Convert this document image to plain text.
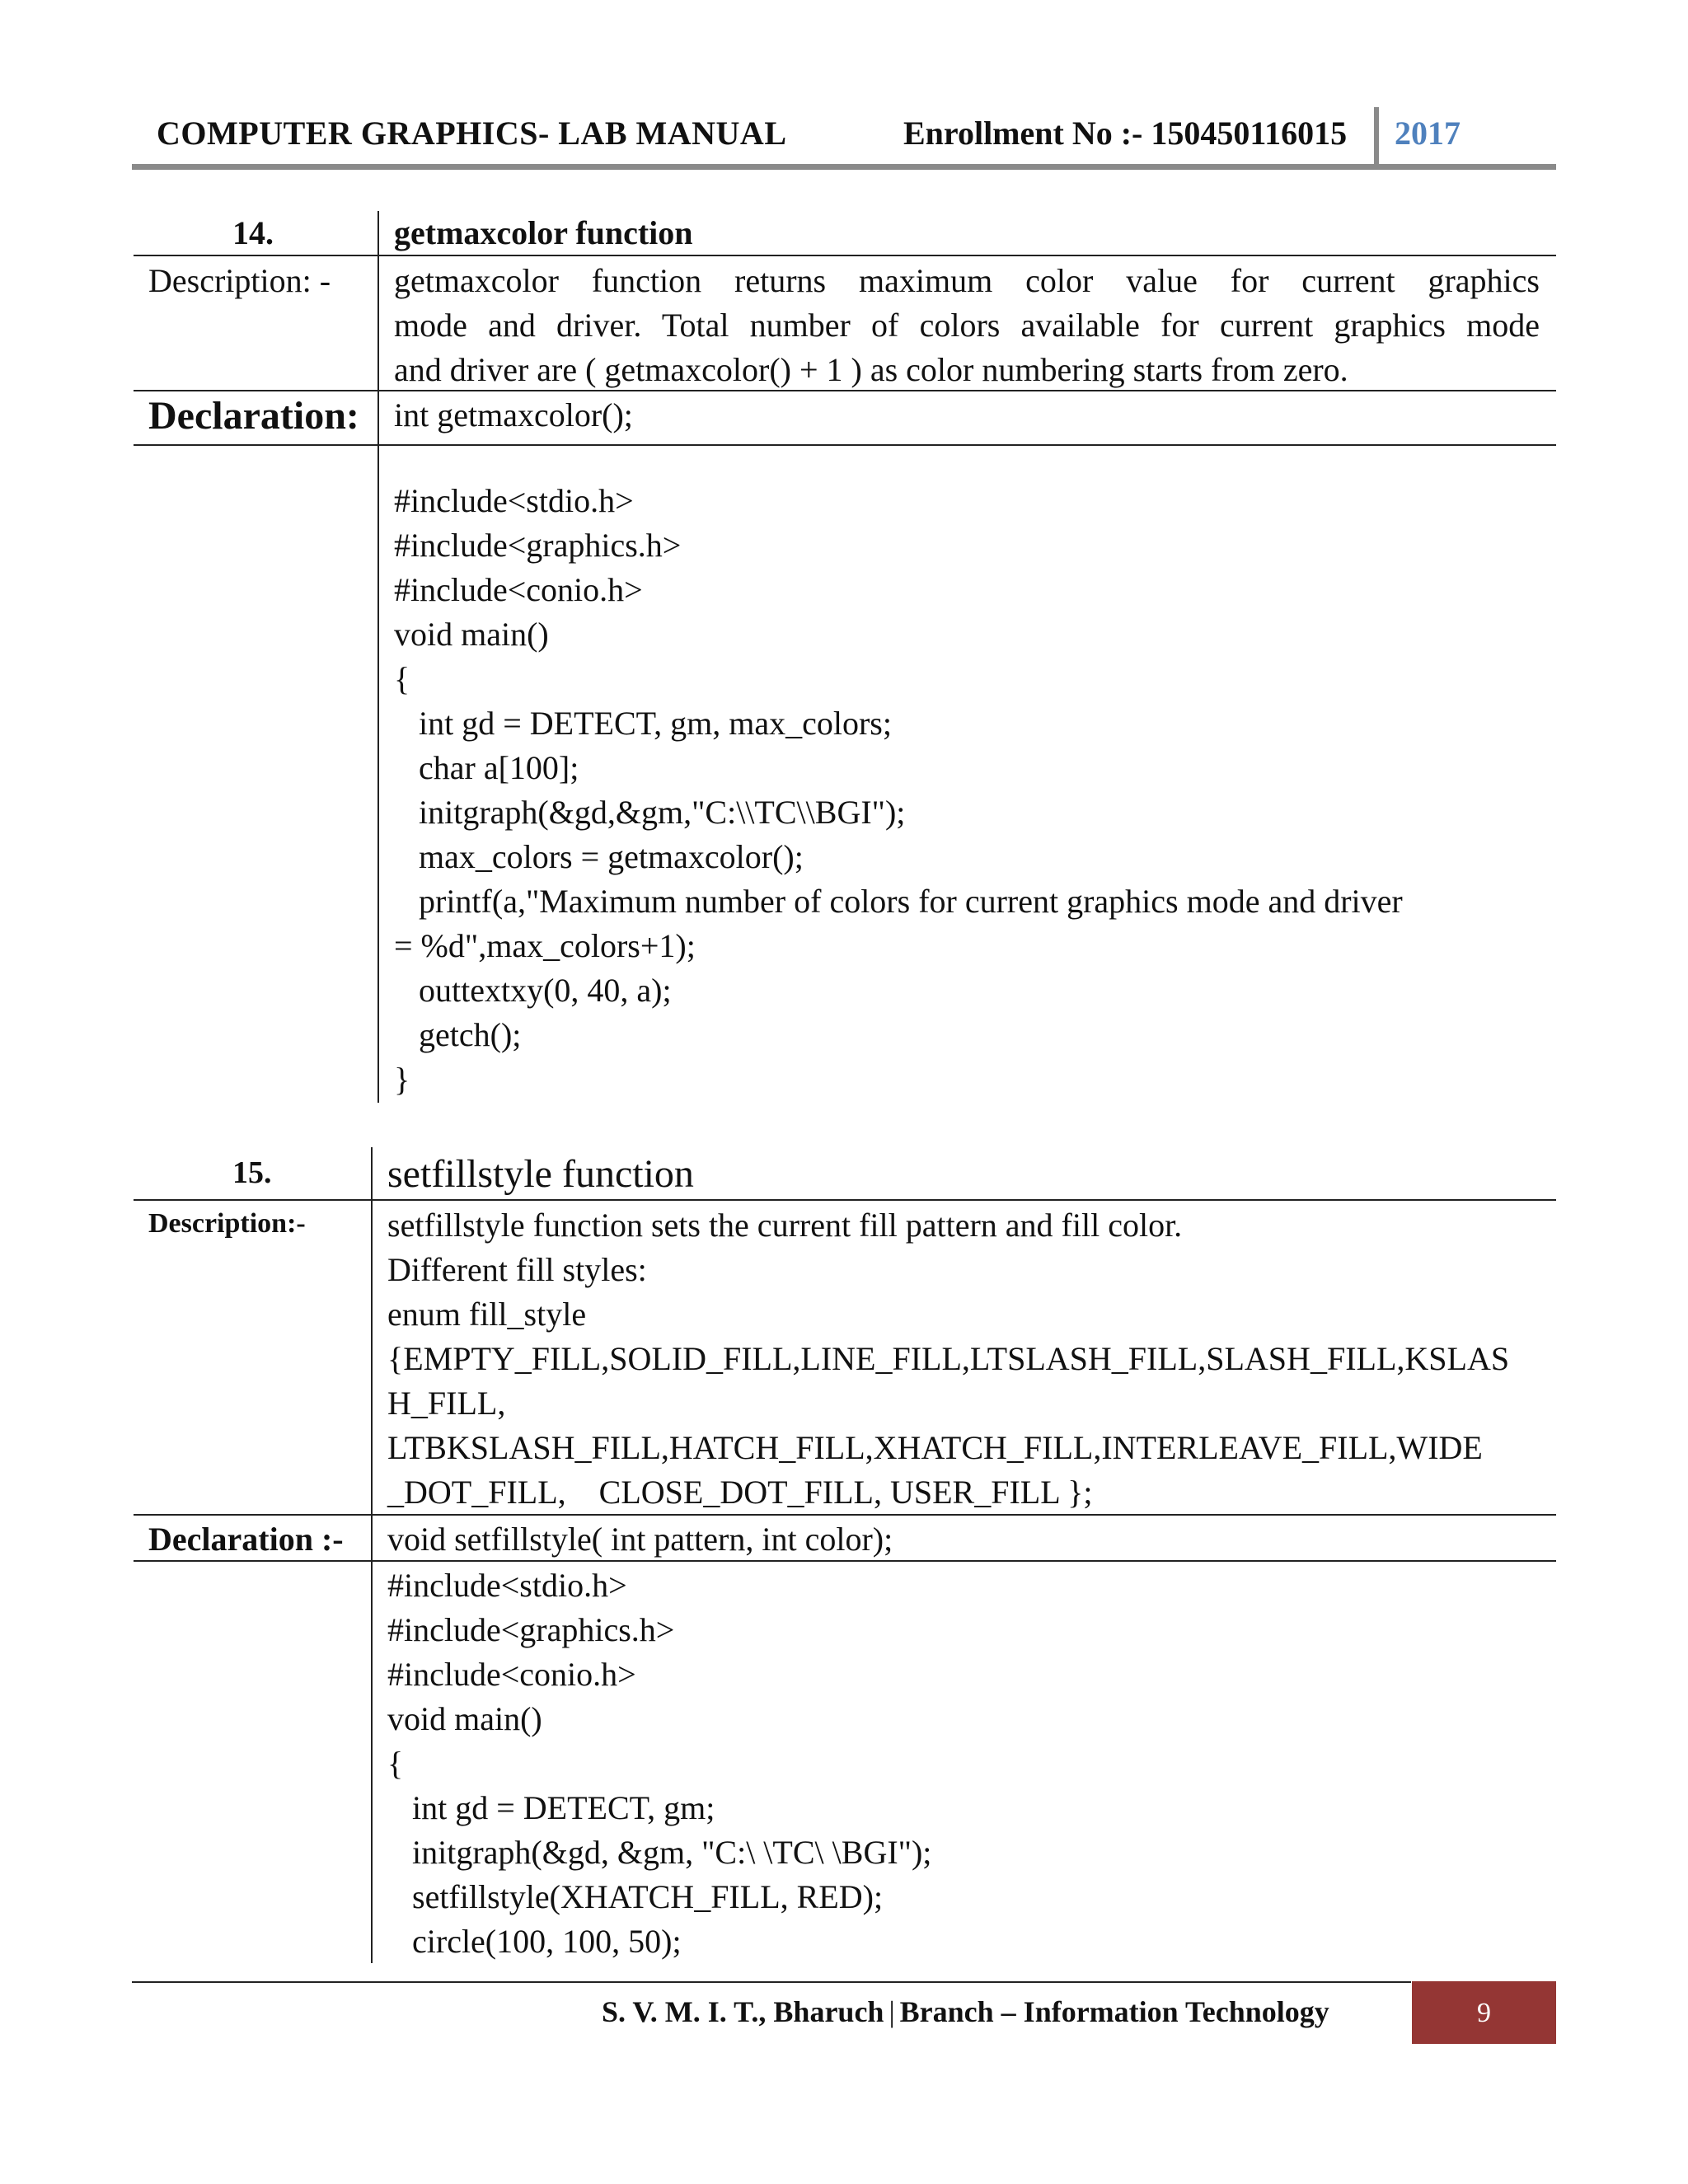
COMPUTER GRAPHICS- LAB MANUAL	Enrollment No :- 150450116015 2017
14.	getmaxcolor function
Description: - getmaxcolor function returns maximum color value for current graphics
mode and driver. Total number of colors available for current graphics mode
and driver are ( getmaxcolor() + 1 ) as color numbering starts from zero.
Declaration: int getmaxcolor();
#include<stdio.h>
#include<graphics.h>
#include<conio.h>
void main()
{
int gd = DETECT, gm, max_colors;
char a[100];
initgraph(&gd,&gm,"C:\\TC\\BGI");
max_colors = getmaxcolor();
printf(a,"Maximum number of colors for current graphics mode and driver
= %d",max_colors+1);
outtextxy(0, 40, a);
getch();
}
15.	setfillstyle function
Description:- setfillstyle function sets the current fill pattern and fill color.
Different fill styles:
enum fill_style
{EMPTY_FILL,SOLID_FILL,LINE_FILL,LTSLASH_FILL,SLASH_FILL,KSLAS
H_FILL,
LTBKSLASH_FILL,HATCH_FILL,XHATCH_FILL,INTERLEAVE_FILL,WIDE
_DOT_FILL,    CLOSE_DOT_FILL, USER_FILL };
Declaration :- void setfillstyle( int pattern, int color);
#include<stdio.h>
#include<graphics.h>
#include<conio.h>
void main()
{
int gd = DETECT, gm;
initgraph(&gd, &gm, "C:\ \TC\ \BGI");
setfillstyle(XHATCH_FILL, RED);
circle(100, 100, 50);
S. V. M. I. T., Bharuch | Branch – Information Technology	9
